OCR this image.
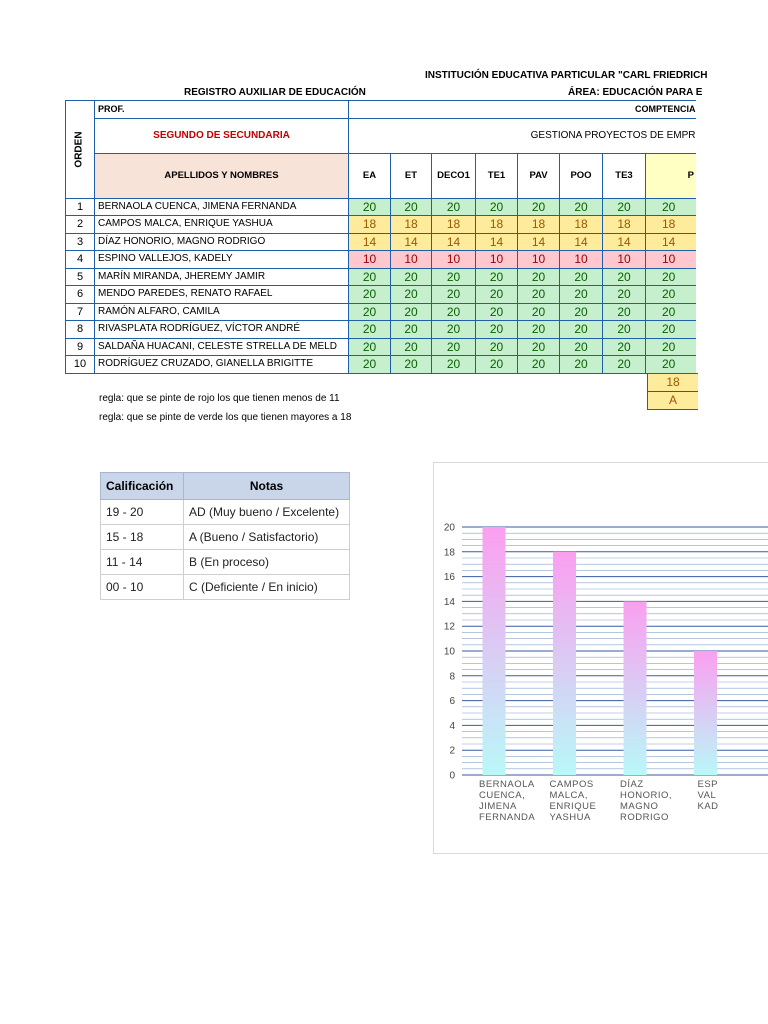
INSTITUCIÓN EDUCATIVA PARTICULAR "CARL FRIEDRICH
REGISTRO AUXILIAR DE EDUCACIÓN	ÁREA: EDUCACIÓN PARA E
	PROF.	COMPTENCIA							
	SEGUNDO DE SECUNDARIA	GESTIONA PROYECTOS DE EMPR							
	APELLIDOS Y NOMBRES	EA	ET	DECO1	TE1	PAV	POO	TE3	P
1	BERNAOLA CUENCA, JIMENA FERNANDA	20	20	20	20	20	20	20	20
2	CAMPOS MALCA, ENRIQUE YASHUA	18	18	18	18	18	18	18	18
3	DÍAZ HONORIO, MAGNO RODRIGO	14	14	14	14	14	14	14	14
4	ESPINO VALLEJOS, KADELY	10	10	10	10	10	10	10	10
5	MARÍN MIRANDA, JHEREMY JAMIR	20	20	20	20	20	20	20	20
6	MENDO PAREDES, RENATO RAFAEL	20	20	20	20	20	20	20	20
7	RAMÓN ALFARO, CAMILA	20	20	20	20	20	20	20	20
8	RIVASPLATA RODRÍGUEZ, VÍCTOR ANDRÉ	20	20	20	20	20	20	20	20
9	SALDAÑA HUACANI, CELESTE STRELLA DE MELD	20	20	20	20	20	20	20	20
10	RODRÍGUEZ CRUZADO, GIANELLA BRIGITTE	20	20	20	20	20	20	20	20
ORDEN
18
A
regla: que se pinte de rojo los que tienen menos de 11
regla: que se pinte de verde los que tienen mayores a 18
Calificación	Notas
19 - 20	AD (Muy bueno / Excelente)
15 - 18	A (Bueno / Satisfactorio)
11 - 14	B (En proceso)
00 - 10	C (Deficiente / En inicio)
0
2
4
6
8
10
12
14
16
18
20
BERNAOLA
CUENCA,
JIMENA
FERNANDA
CAMPOS
MALCA,
ENRIQUE
YASHUA
DÍAZ
HONORIO,
MAGNO
RODRIGO
ESP
VAL
KAD
